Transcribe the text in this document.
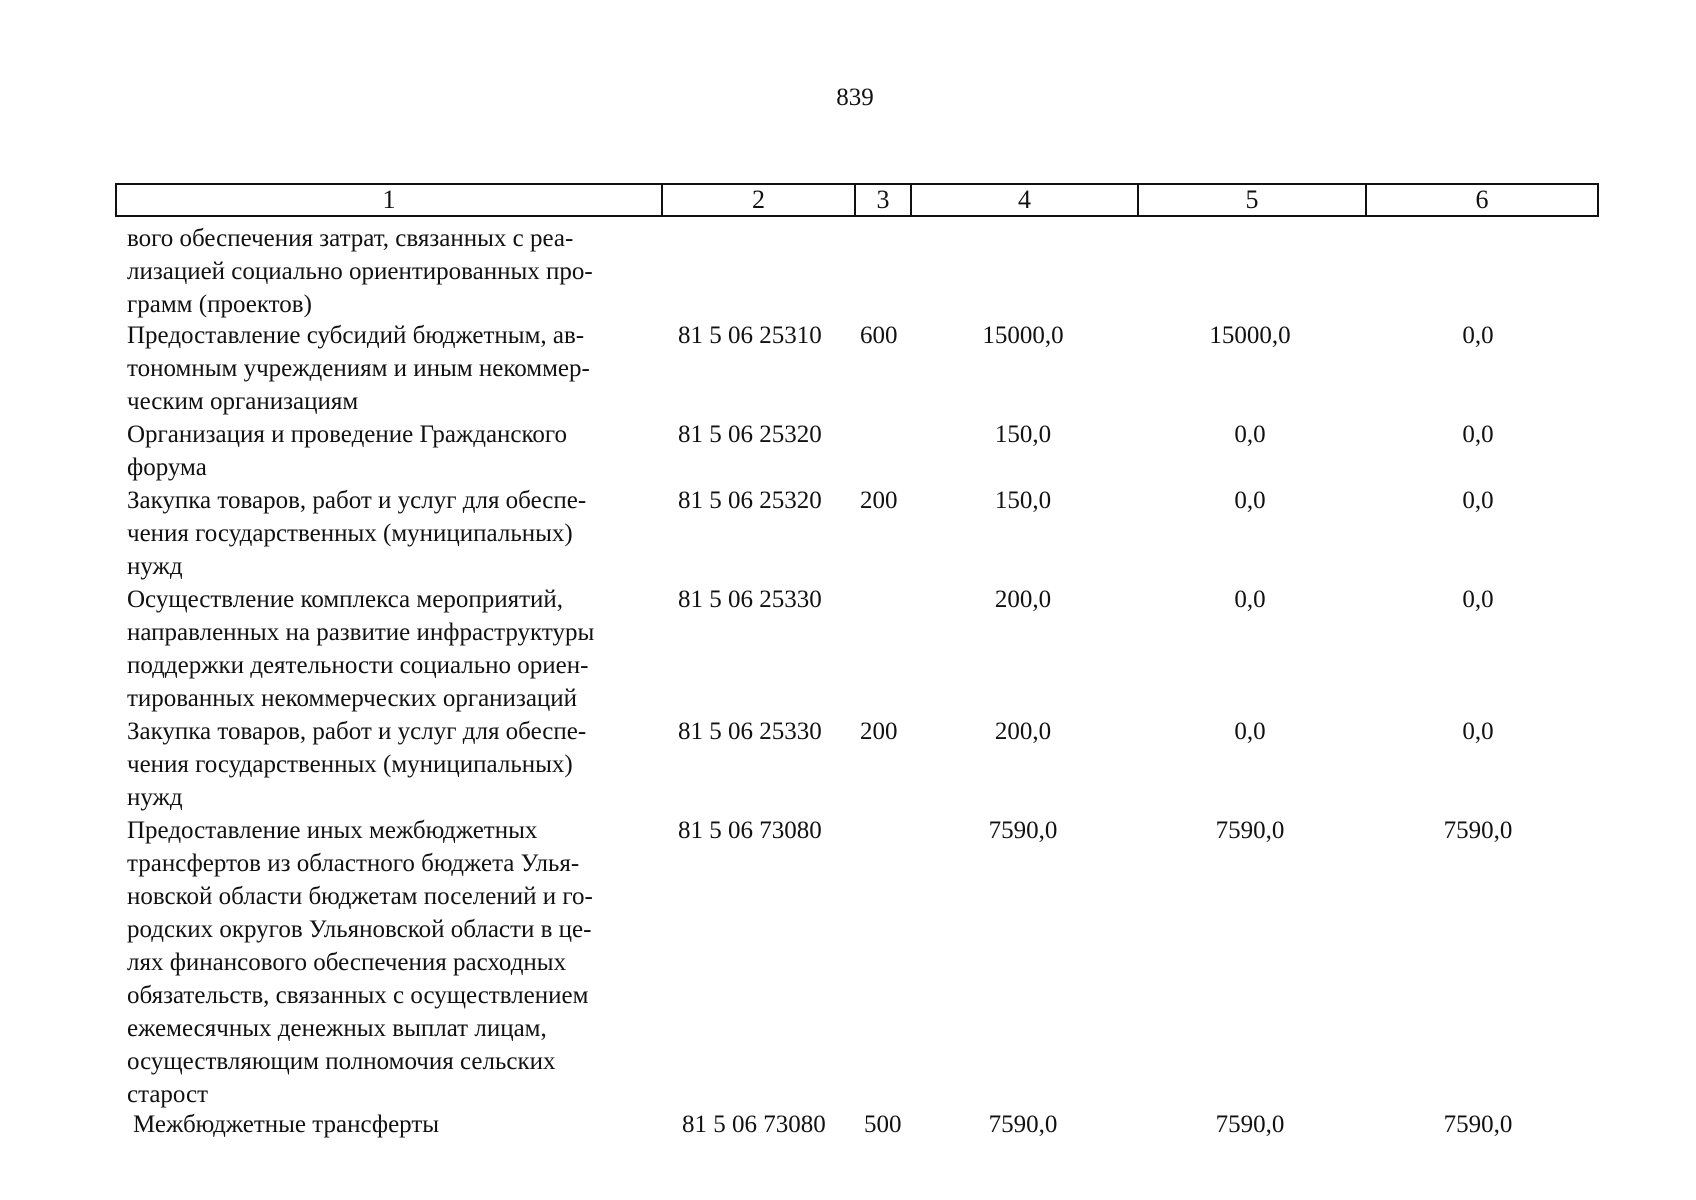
839
1	2	3	4	5	6
вого обеспечения затрат, связанных с реа-
лизацией социально ориентированных про-
грамм (проектов)
Предоставление субсидий бюджетным, ав-
тономным учреждениям и иным некоммер-
ческим организациям
81 5 06 25310 600	15000,0	15000,0	0,0
Организация и проведение Гражданского
форума
81 5 06 25320	150,0	0,0	0,0
Закупка товаров, работ и услуг для обеспе-
чения государственных (муниципальных)
нужд
81 5 06 25320 200	150,0	0,0	0,0
Осуществление комплекса мероприятий,
направленных на развитие инфраструктуры
поддержки деятельности социально ориен-
тированных некоммерческих организаций
81 5 06 25330	200,0	0,0	0,0
Закупка товаров, работ и услуг для обеспе-
чения государственных (муниципальных)
нужд
81 5 06 25330 200	200,0	0,0	0,0
Предоставление иных межбюджетных
трансфертов из областного бюджета Улья-
новской области бюджетам поселений и го-
родских округов Ульяновской области в це-
лях финансового обеспечения расходных
обязательств, связанных с осуществлением
ежемесячных денежных выплат лицам,
осуществляющим полномочия сельских
старост
81 5 06 73080	7590,0	7590,0	7590,0
Межбюджетные трансферты	81 5 06 73080 500	7590,0	7590,0	7590,0
